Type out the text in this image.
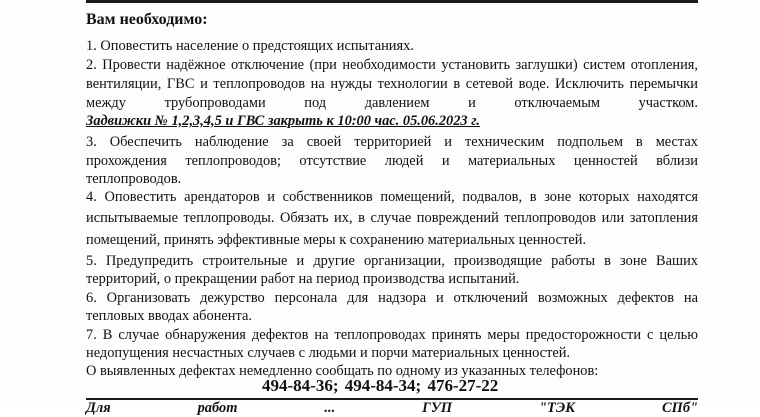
Вам необходимо:
1. Оповестить население о предстоящих испытаниях.
2. Провести надёжное отключение (при необходимости установить заглушки) систем отопления,
вентиляции, ГВС и теплопроводов на нужды технологии в сетевой воде. Исключить перемычки
между трубопроводами под давлением и отключаемым участком.
Задвижки № 1,2,3,4,5 и ГВС закрыть к 10:00 час. 05.06.2023 г.
3. Обеспечить наблюдение за своей территорией и техническим подпольем в местах
прохождения теплопроводов; отсутствие людей и материальных ценностей вблизи
теплопроводов.
4. Оповестить арендаторов и собственников помещений, подвалов, в зоне которых находятся
испытываемые теплопроводы. Обязать их, в случае повреждений теплопроводов или затопления
помещений, принять эффективные меры к сохранению материальных ценностей.
5. Предупредить строительные и другие организации, производящие работы в зоне Ваших
территорий, о прекращении работ на период производства испытаний.
6. Организовать дежурство персонала для надзора и отключений возможных дефектов на
тепловых вводах абонента.
7. В случае обнаружения дефектов на теплопроводах принять меры предосторожности с целью
недопущения несчастных случаев с людьми и порчи материальных ценностей.
О выявленных дефектах немедленно сообщать по одному из указанных телефонов:
494-84-36; 494-84-34; 476-27-22
Для работ ... ГУП "ТЭК СПб"
